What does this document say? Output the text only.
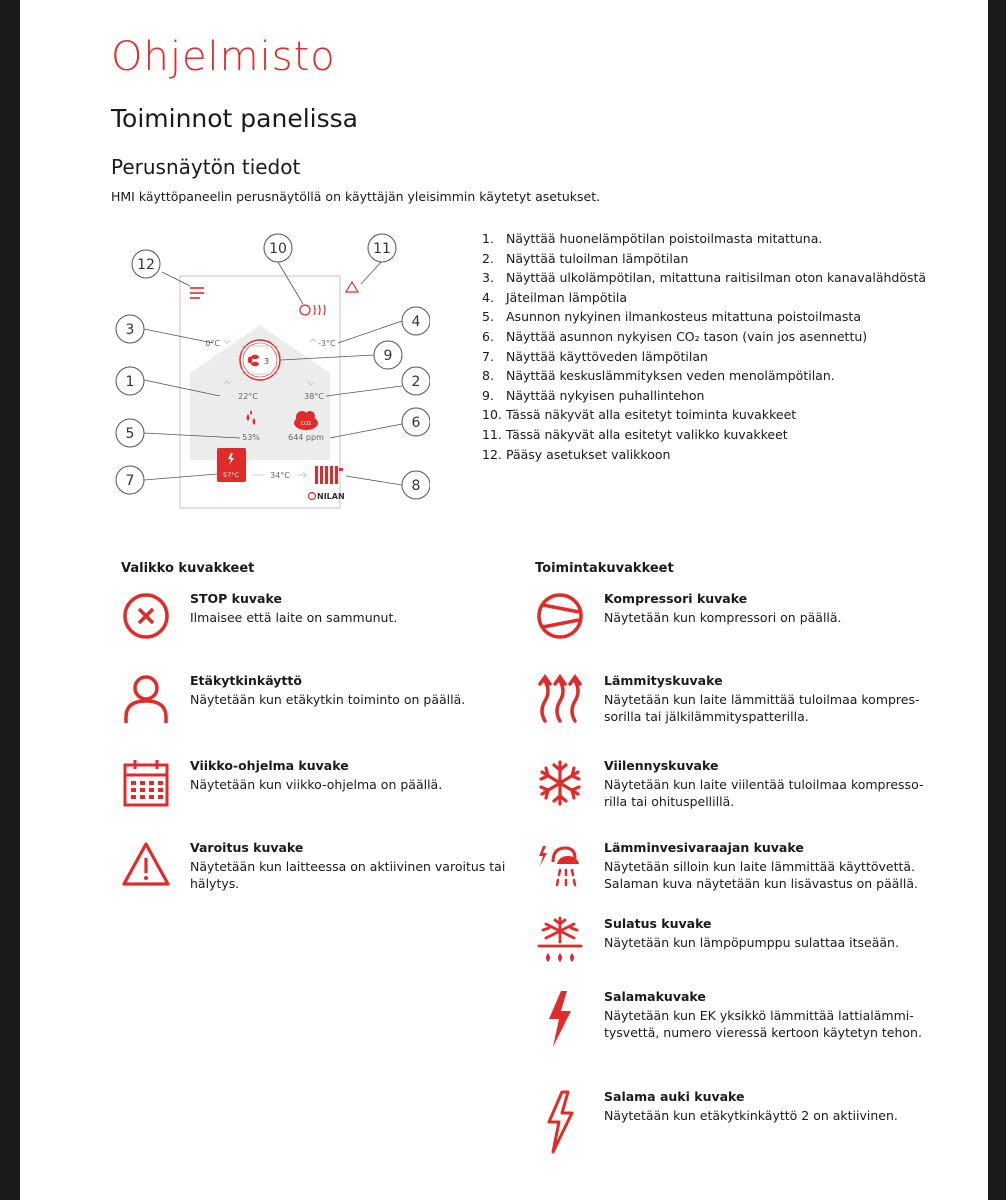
Ohjelmisto
Toiminnot panelissa
Perusnäytön tiedot
HMI käyttöpaneelin perusnäytöllä on käyttäjän yleisimmin käytetyt asetukset.
3
0°C	-3°C
22°C	38°C
53%
CO2
644 ppm
57°C	34°C
NILAN
1	2
3	4
5
6
7	8
9
10	11
12
1. Näyttää huonelämpötilan poistoilmasta mitattuna.
2. Näyttää tuloilman lämpötilan
3. Näyttää ulkolämpötilan, mitattuna raitisilman oton kanavalähdöstä
4. Jäteilman lämpötila
5. Asunnon nykyinen ilmankosteus mitattuna poistoilmasta
6. Näyttää asunnon nykyisen CO₂ tason (vain jos asennettu)
7. Näyttää käyttöveden lämpötilan
8. Näyttää keskuslämmityksen veden menolämpötilan.
9. Näyttää nykyisen puhallintehon
10. Tässä näkyvät alla esitetyt toiminta kuvakkeet
11. Tässä näkyvät alla esitetyt valikko kuvakkeet
12. Pääsy asetukset valikkoon
Valikko kuvakkeet	Toimintakuvakkeet
STOP kuvake
Ilmaisee että laite on sammunut.
Etäkytkinkäyttö
Näytetään kun etäkytkin toiminto on päällä.
Viikko-ohjelma kuvake
Näytetään kun viikko-ohjelma on päällä.
Varoitus kuvake
Näytetään kun laitteessa on aktiivinen varoitus tai hälytys.
Kompressori kuvake
Näytetään kun kompressori on päällä.
Lämmityskuvake
Näytetään kun laite lämmittää tuloilmaa kompres-sorilla tai jälkilämmityspatterilla.
Viilennyskuvake
Näytetään kun laite viilentää tuloilmaa kompresso-rilla tai ohituspellillä.
Lämminvesivaraajan kuvake
Näytetään silloin kun laite lämmittää käyttövettä. Salaman kuva näytetään kun lisävastus on päällä.
Sulatus kuvake
Näytetään kun lämpöpumppu sulattaa itseään.
Salamakuvake
Näytetään kun EK yksikkö lämmittää lattialämmi-tysvettä, numero vieressä kertoon käytetyn tehon.
Salama auki kuvake
Näytetään kun etäkytkinkäyttö 2 on aktiivinen.
